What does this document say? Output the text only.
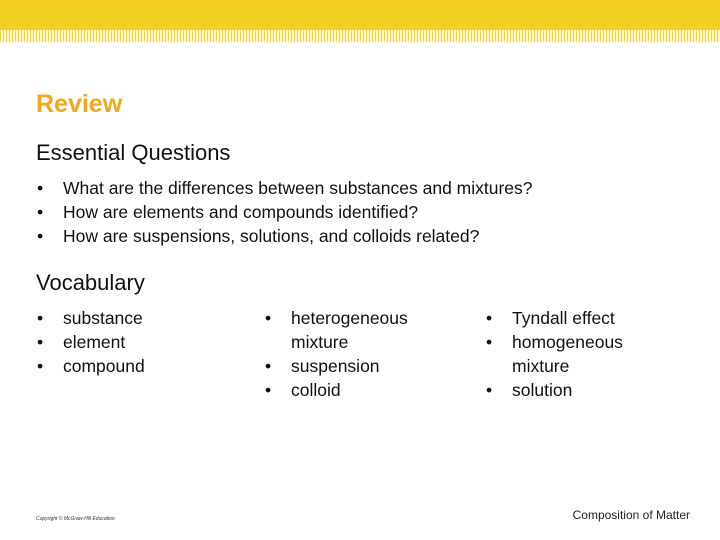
Review
Essential Questions
• What are the differences between substances and mixtures?
• How are elements and compounds identified?
• How are suspensions, solutions, and colloids related?
Vocabulary
• substance
• element
• compound
• heterogeneous mixture
• suspension
• colloid
• Tyndall effect
• homogeneous mixture
• solution
Copyright © McGraw-Hill Education	Composition of Matter
